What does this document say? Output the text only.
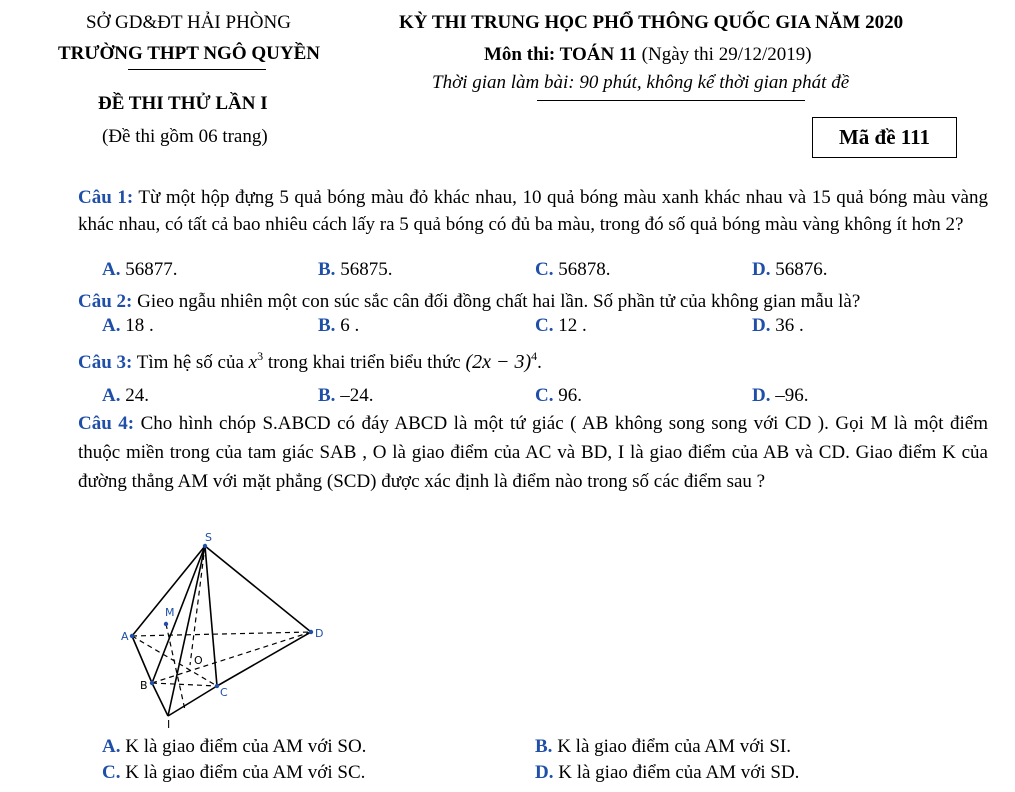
SỞ GD&ĐT HẢI PHÒNG
TRƯỜNG THPT NGÔ QUYỀN
ĐỀ THI THỬ LẦN I
(Đề thi gồm 06 trang)
KỲ THI TRUNG HỌC PHỔ THÔNG QUỐC GIA NĂM 2020
Môn thi: TOÁN 11 (Ngày thi 29/12/2019)
Thời gian làm bài: 90 phút, không kể thời gian phát đề
Mã đề 111
Câu 1: Từ một hộp đựng 5 quả bóng màu đỏ khác nhau, 10 quả bóng màu xanh khác nhau và 15 quả bóng màu vàng khác nhau, có tất cả bao nhiêu cách lấy ra 5 quả bóng có đủ ba màu, trong đó số quả bóng màu vàng không ít hơn 2?
A. 56877.	B. 56875.	C. 56878.	D. 56876.
Câu 2: Gieo ngẫu nhiên một con súc sắc cân đối đồng chất hai lần. Số phần tử của không gian mẫu là?
A. 18 .	B. 6 .	C. 12 .	D. 36 .
Câu 3: Tìm hệ số của $x^3$ trong khai triển biểu thức $(2x - 3)^4$.
A. 24.	B. –24.	C. 96.	D. –96.
Câu 4: Cho hình chóp S.ABCD có đáy ABCD là một tứ giác ( AB không song song với CD ). Gọi M là một điểm thuộc miền trong của tam giác SAB , O là giao điểm của AC và BD, I là giao điểm của AB và CD. Giao điểm K của đường thẳng AM với mặt phẳng (SCD) được xác định là điểm nào trong số các điểm sau ?
S
M
A	D
O
B
C
I
A. K là giao điểm của AM với SO.	B. K là giao điểm của AM với SI.
C. K là giao điểm của AM với SC.	D. K là giao điểm của AM với SD.
